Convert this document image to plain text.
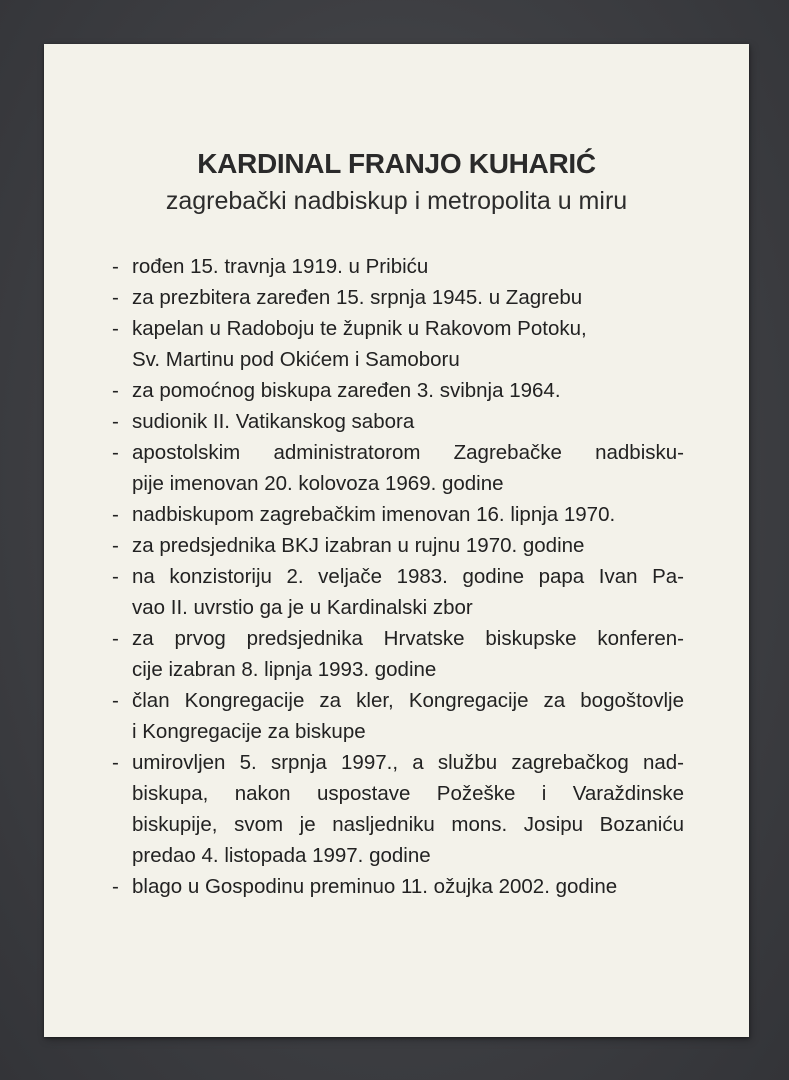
KARDINAL FRANJO KUHARIĆ
zagrebački nadbiskup i metropolita u miru
- rođen 15. travnja 1919. u Pribiću
- za prezbitera zaređen 15. srpnja 1945. u Zagrebu
- kapelan u Radoboju te župnik u Rakovom Potoku,
Sv. Martinu pod Okićem i Samoboru
- za pomoćnog biskupa zaređen 3. svibnja 1964.
- sudionik II. Vatikanskog sabora
- apostolskim administratorom Zagrebačke nadbisku-
pije imenovan 20. kolovoza 1969. godine
- nadbiskupom zagrebačkim imenovan 16. lipnja 1970.
- za predsjednika BKJ izabran u rujnu 1970. godine
- na konzistoriju 2. veljače 1983. godine papa Ivan Pa-
vao II. uvrstio ga je u Kardinalski zbor
- za prvog predsjednika Hrvatske biskupske konferen-
cije izabran 8. lipnja 1993. godine
- član Kongregacije za kler, Kongregacije za bogoštovlje
i Kongregacije za biskupe
- umirovljen 5. srpnja 1997., a službu zagrebačkog nad-
biskupa, nakon uspostave Požeške i Varaždinske
biskupije, svom je nasljedniku mons. Josipu Bozaniću
predao 4. listopada 1997. godine
- blago u Gospodinu preminuo 11. ožujka 2002. godine
